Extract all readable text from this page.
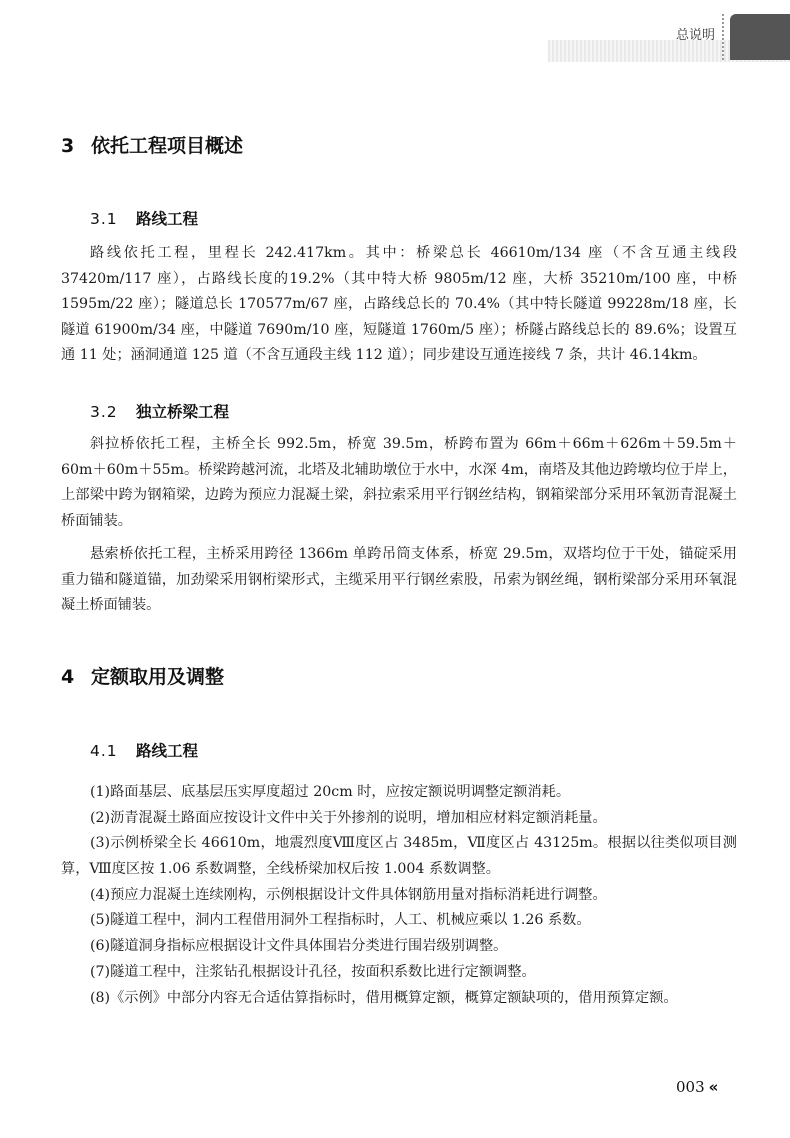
总说明
3 依托工程项目概述
3.1 路线工程

路线依托工程，里程长 242.417km。其中：桥梁总长 46610m/134 座（不含互通主线段 37420m/117 座），占路线长度的19.2%（其中特大桥 9805m/12 座，大桥 35210m/100 座，中桥 1595m/22 座）；隧道总长 170577m/67 座，占路线总长的 70.4%（其中特长隧道 99228m/18 座，长隧道 61900m/34 座，中隧道 7690m/10 座，短隧道 1760m/5 座）；桥隧占路线总长的 89.6%；设置互通 11 处；涵洞通道 125 道（不含互通段主线 112 道）；同步建设互通连接线 7 条，共计 46.14km。

3.2 独立桥梁工程

斜拉桥依托工程，主桥全长 992.5m，桥宽 39.5m，桥跨布置为 66m＋66m＋626m＋59.5m＋60m＋60m＋55m。桥梁跨越河流，北塔及北辅助墩位于水中，水深 4m，南塔及其他边跨墩均位于岸上，上部梁中跨为钢箱梁，边跨为预应力混凝土梁，斜拉索采用平行钢丝结构，钢箱梁部分采用环氧沥青混凝土桥面铺装。

悬索桥依托工程，主桥采用跨径 1366m 单跨吊筒支体系，桥宽 29.5m，双塔均位于干处，锚碇采用重力锚和隧道锚，加劲梁采用钢桁梁形式，主缆采用平行钢丝索股，吊索为钢丝绳，钢桁梁部分采用环氧混凝土桥面铺装。

4 定额取用及调整
4.1 路线工程

(1)路面基层、底基层压实厚度超过 20cm 时，应按定额说明调整定额消耗。

(2)沥青混凝土路面应按设计文件中关于外掺剂的说明，增加相应材料定额消耗量。

(3)示例桥梁全长 46610m，地震烈度Ⅷ度区占 3485m，Ⅶ度区占 43125m。根据以往类似项目测算，Ⅷ度区按 1.06 系数调整，全线桥梁加权后按 1.004 系数调整。

(4)预应力混凝土连续刚构，示例根据设计文件具体钢筋用量对指标消耗进行调整。

(5)隧道工程中，洞内工程借用洞外工程指标时，人工、机械应乘以 1.26 系数。

(6)隧道洞身指标应根据设计文件具体围岩分类进行围岩级别调整。

(7)隧道工程中，注浆钻孔根据设计孔径，按面积系数比进行定额调整。

(8)《示例》中部分内容无合适估算指标时，借用概算定额，概算定额缺项的，借用预算定额。

003 «
